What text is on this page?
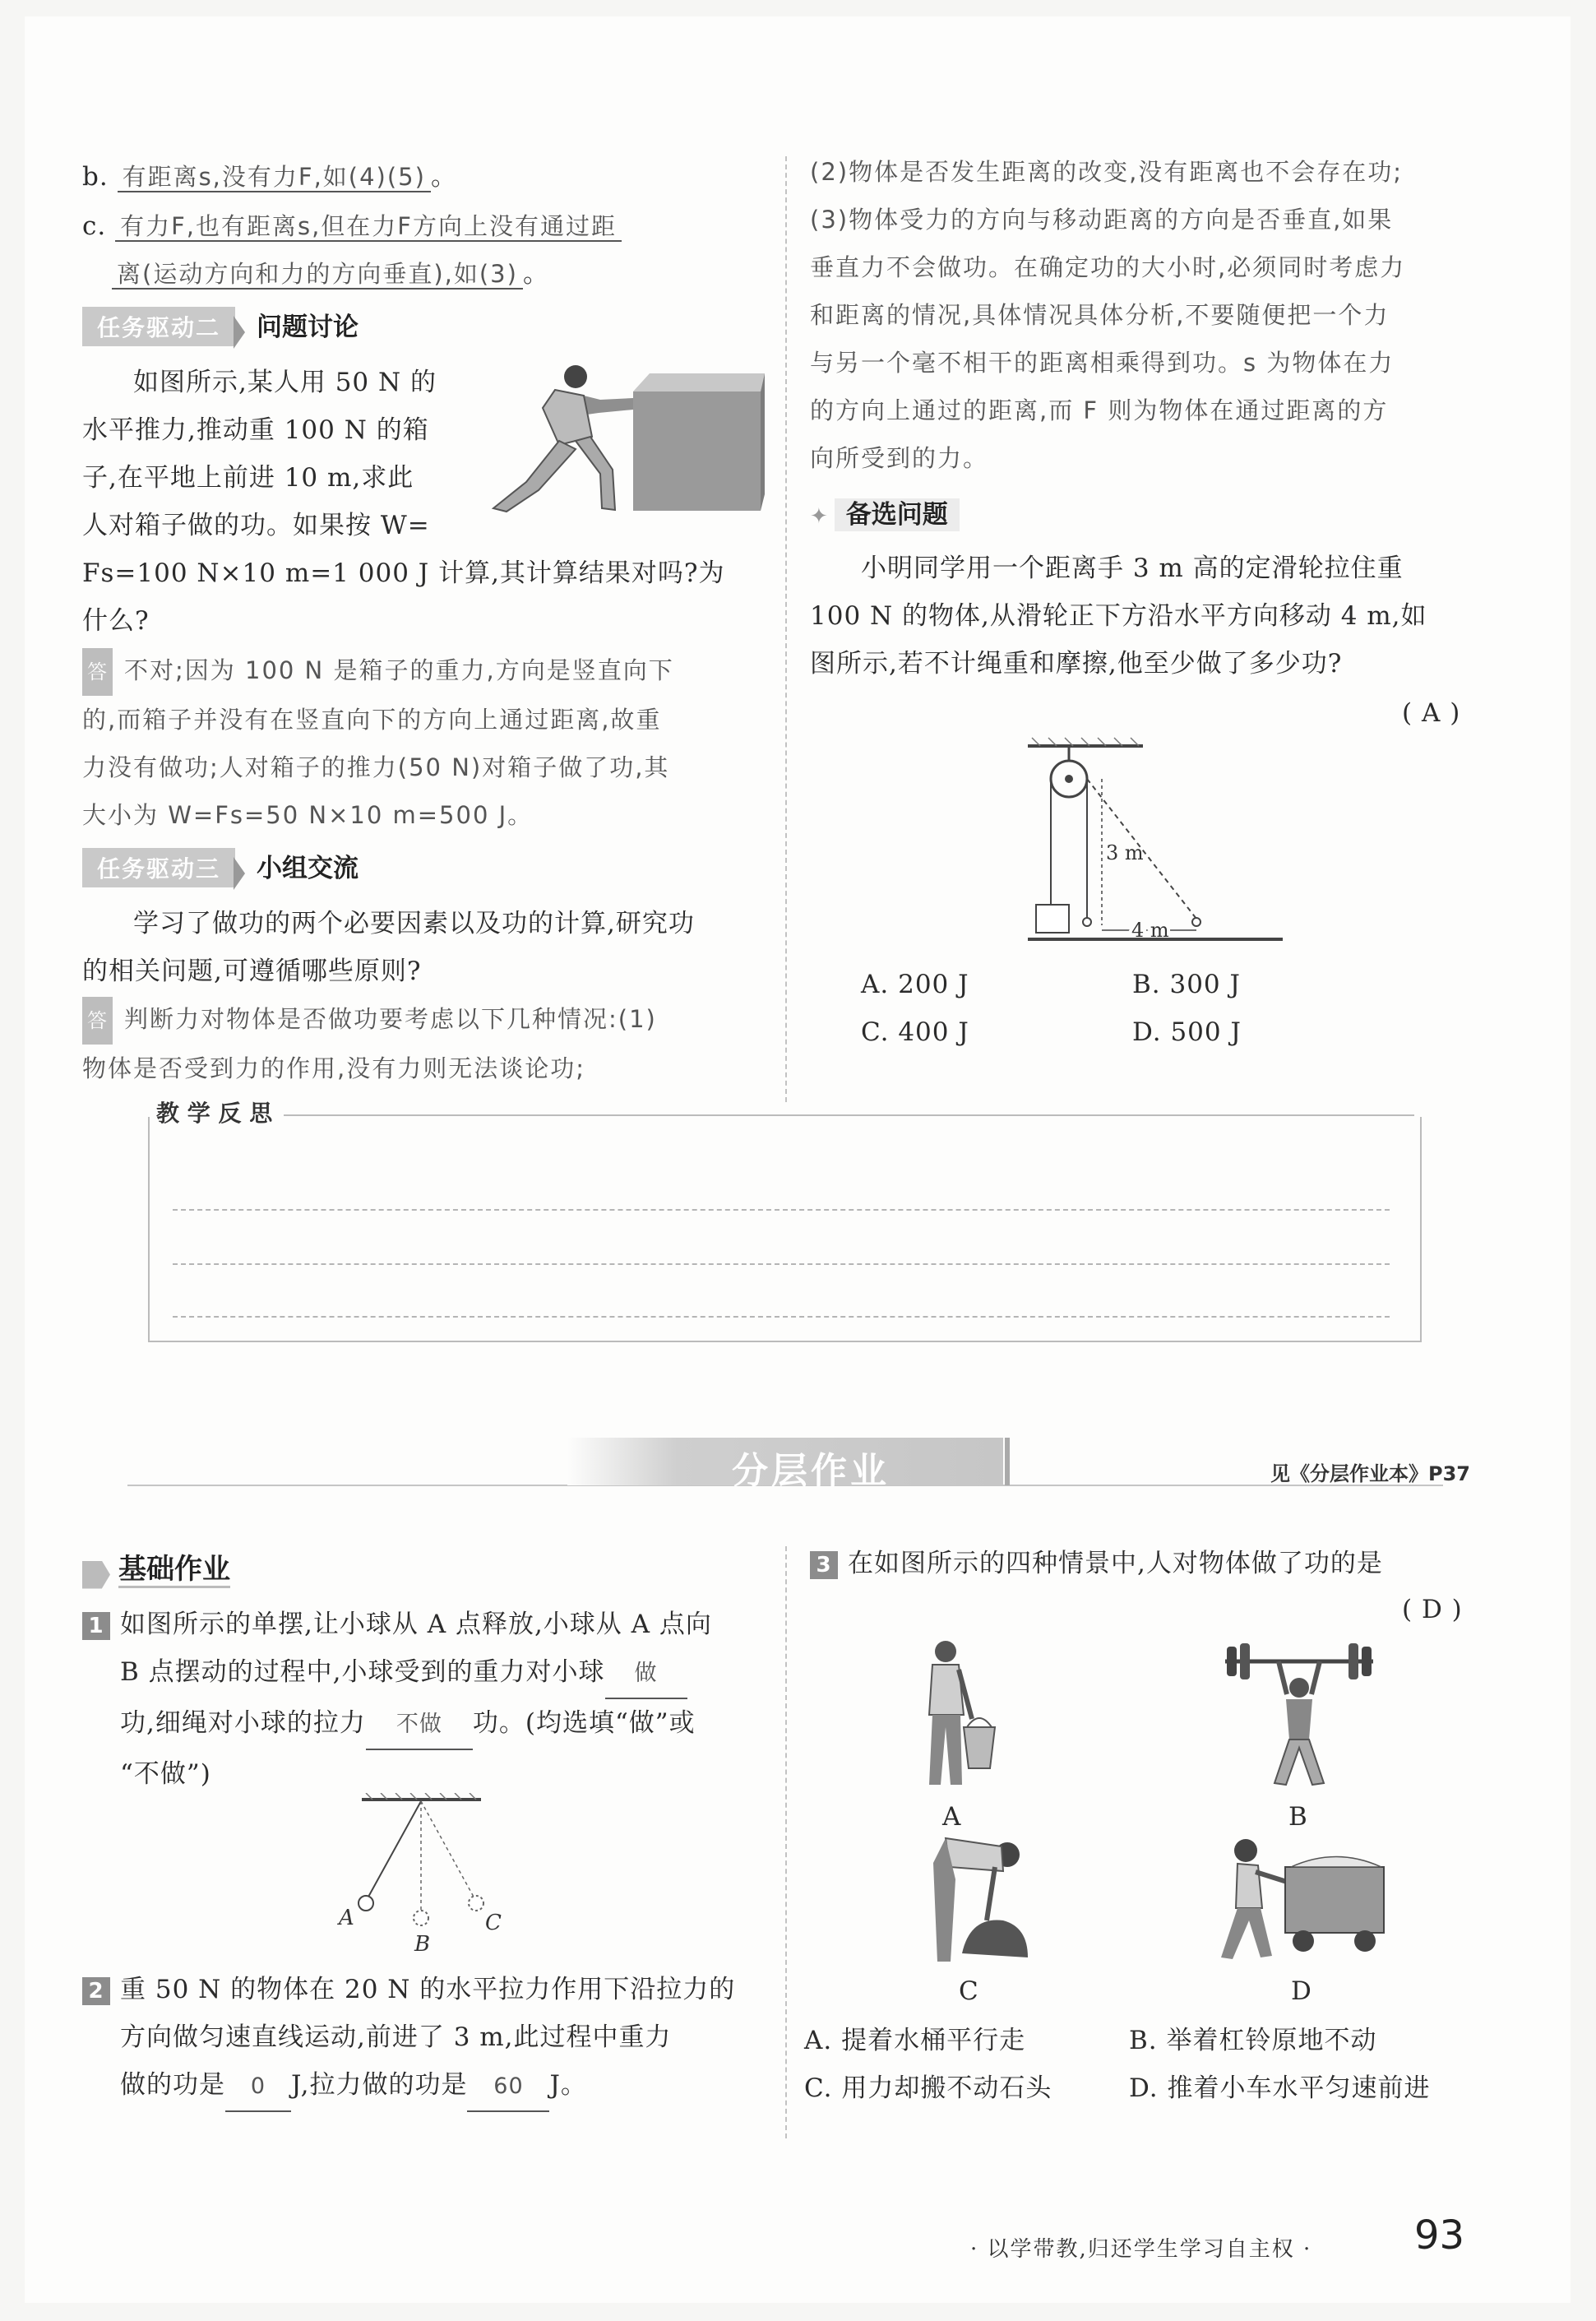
b. 有距离s,没有力F,如(4)(5) 。
c. 有力F,也有距离s,但在力F方向上没有通过距
离(运动方向和力的方向垂直),如(3) 。
任务驱动二 问题讨论
如图所示,某人用 50 N 的
水平推力,推动重 100 N 的箱
子,在平地上前进 10 m,求此
人对箱子做的功。如果按 W=
Fs=100 N×10 m=1 000 J 计算,其计算结果对吗?为
什么?
答 不对;因为 100 N 是箱子的重力,方向是竖直向下
的,而箱子并没有在竖直向下的方向上通过距离,故重
力没有做功;人对箱子的推力(50 N)对箱子做了功,其
大小为 W=Fs=50 N×10 m=500 J。
任务驱动三 小组交流
学习了做功的两个必要因素以及功的计算,研究功
的相关问题,可遵循哪些原则?
答 判断力对物体是否做功要考虑以下几种情况:(1)
物体是否受到力的作用,没有力则无法谈论功;
(2)物体是否发生距离的改变,没有距离也不会存在功;
(3)物体受力的方向与移动距离的方向是否垂直,如果
垂直力不会做功。在确定功的大小时,必须同时考虑力
和距离的情况,具体情况具体分析,不要随便把一个力
与另一个毫不相干的距离相乘得到功。s 为物体在力
的方向上通过的距离,而 F 则为物体在通过距离的方
向所受到的力。
✦ 备选问题
小明同学用一个距离手 3 m 高的定滑轮拉住重
100 N 的物体,从滑轮正下方沿水平方向移动 4 m,如
图所示,若不计绳重和摩擦,他至少做了多少功?
( A )
3 m
4 m
A. 200 J	B. 300 J
C. 400 J	D. 500 J
教 学 反 思
分层作业	见《分层作业本》P37
基础作业
1 如图所示的单摆,让小球从 A 点释放,小球从 A 点向
B 点摆动的过程中,小球受到的重力对小球 做
功,细绳对小球的拉力 不做 功。(均选填“做”或
“不做”)
A
B
C
2 重 50 N 的物体在 20 N 的水平拉力作用下沿拉力的
方向做匀速直线运动,前进了 3 m,此过程中重力
做的功是 0 J,拉力做的功是 60 J。
3 在如图所示的四种情景中,人对物体做了功的是
( D )
A	B
C	D
A. 提着水桶平行走	B. 举着杠铃原地不动
C. 用力却搬不动石头	D. 推着小车水平匀速前进
· 以学带教,归还学生学习自主权 ·	93
